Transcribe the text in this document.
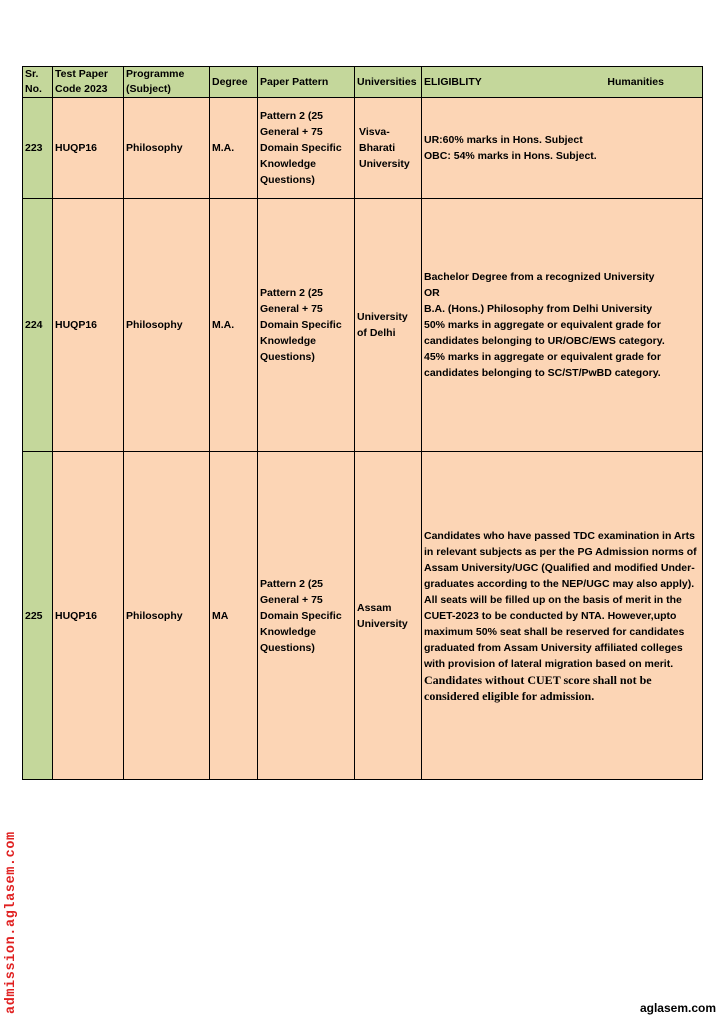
Sr. No.	Test Paper Code 2023	Programme (Subject)	Degree	Paper Pattern	Universities	ELIGIBLITY Humanities

223	HUQP16	Philosophy	M.A.	Pattern 2 (25 General + 75 Domain Specific Knowledge Questions)	Visva-Bharati University	UR:60% marks in Hons. Subject
OBC: 54% marks in Hons. Subject.

224	HUQP16	Philosophy	M.A.	Pattern 2 (25 General + 75 Domain Specific Knowledge Questions)	University of Delhi	Bachelor Degree from a recognized University
OR
B.A. (Hons.) Philosophy from Delhi University
50% marks in aggregate or equivalent grade for candidates belonging to UR/OBC/EWS category.
45% marks in aggregate or equivalent grade for candidates belonging to SC/ST/PwBD category.

225	HUQP16	Philosophy	MA	Pattern 2 (25 General + 75 Domain Specific Knowledge Questions)	Assam University	Candidates who have passed TDC examination in Arts in relevant subjects as per the PG Admission norms of Assam University/UGC (Qualified and modified Under-graduates according to the NEP/UGC may also apply). All seats will be filled up on the basis of merit in the CUET-2023 to be conducted by NTA. However,upto maximum 50% seat shall be reserved for candidates graduated from Assam University affiliated colleges with provision of lateral migration based on merit.
Candidates without CUET score shall not be considered eligible for admission.
admission.aglasem.com	aglasem.com
